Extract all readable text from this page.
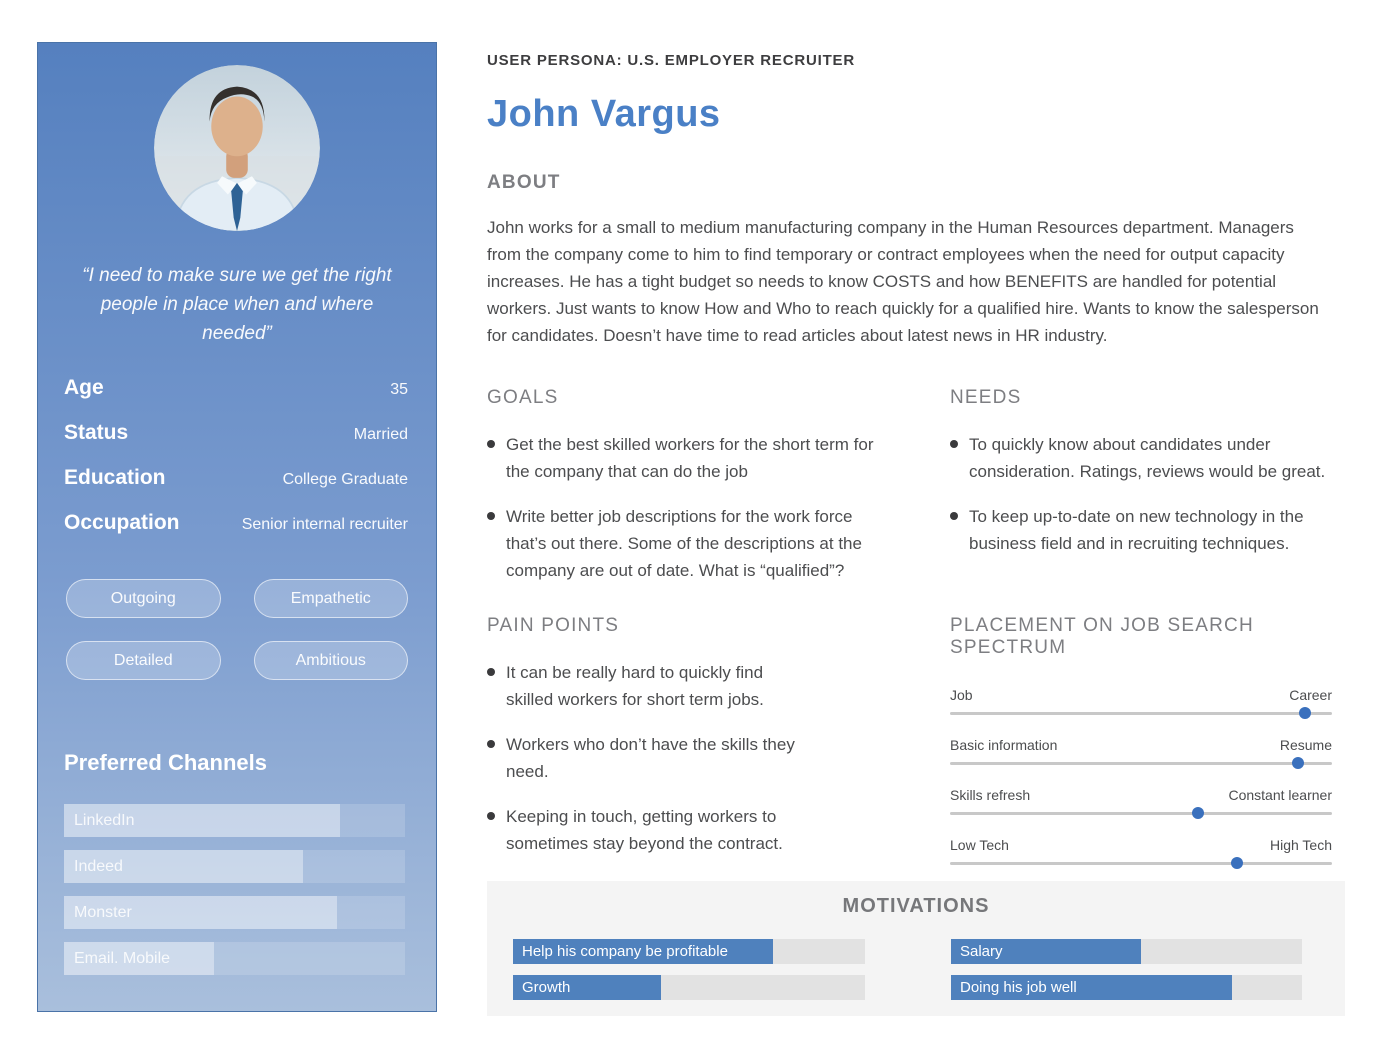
“I need to make sure we get the right people in place when and where needed”

Age	35
Status	Married
Education	College Graduate
Occupation	Senior internal recruiter
Outgoing	Empathetic
Detailed	Ambitious
Preferred Channels
LinkedIn
Indeed
Monster
Email. Mobile
USER PERSONA: U.S. EMPLOYER RECRUITER
John Vargus
ABOUT

John works for a small to medium manufacturing company in the Human Resources department. Managers from the company come to him to find temporary or contract employees when the need for output capacity increases. He has a tight budget so needs to know COSTS and how BENEFITS are handled for potential workers. Just wants to know How and Who to reach quickly for a qualified hire. Wants to know the salesperson for candidates. Doesn’t have time to read articles about latest news in HR industry.

GOALS
Get the best skilled workers for the short term for the company that can do the job
Write better job descriptions for the work force that’s out there. Some of the descriptions at the company are out of date. What is “qualified”?
NEEDS
To quickly know about candidates under consideration. Ratings, reviews would be great.
To keep up-to-date on new technology in the business field and in recruiting techniques.
PAIN POINTS
It can be really hard to quickly find skilled workers for short term jobs.
Workers who don’t have the skills they need.
Keeping in touch, getting workers to sometimes stay beyond the contract.
PLACEMENT ON JOB SEARCH SPECTRUM
Job	Career
Basic information	Resume
Skills refresh	Constant learner
Low Tech	High Tech
MOTIVATIONS
Help his company be profitable
Growth
Salary
Doing his job well
